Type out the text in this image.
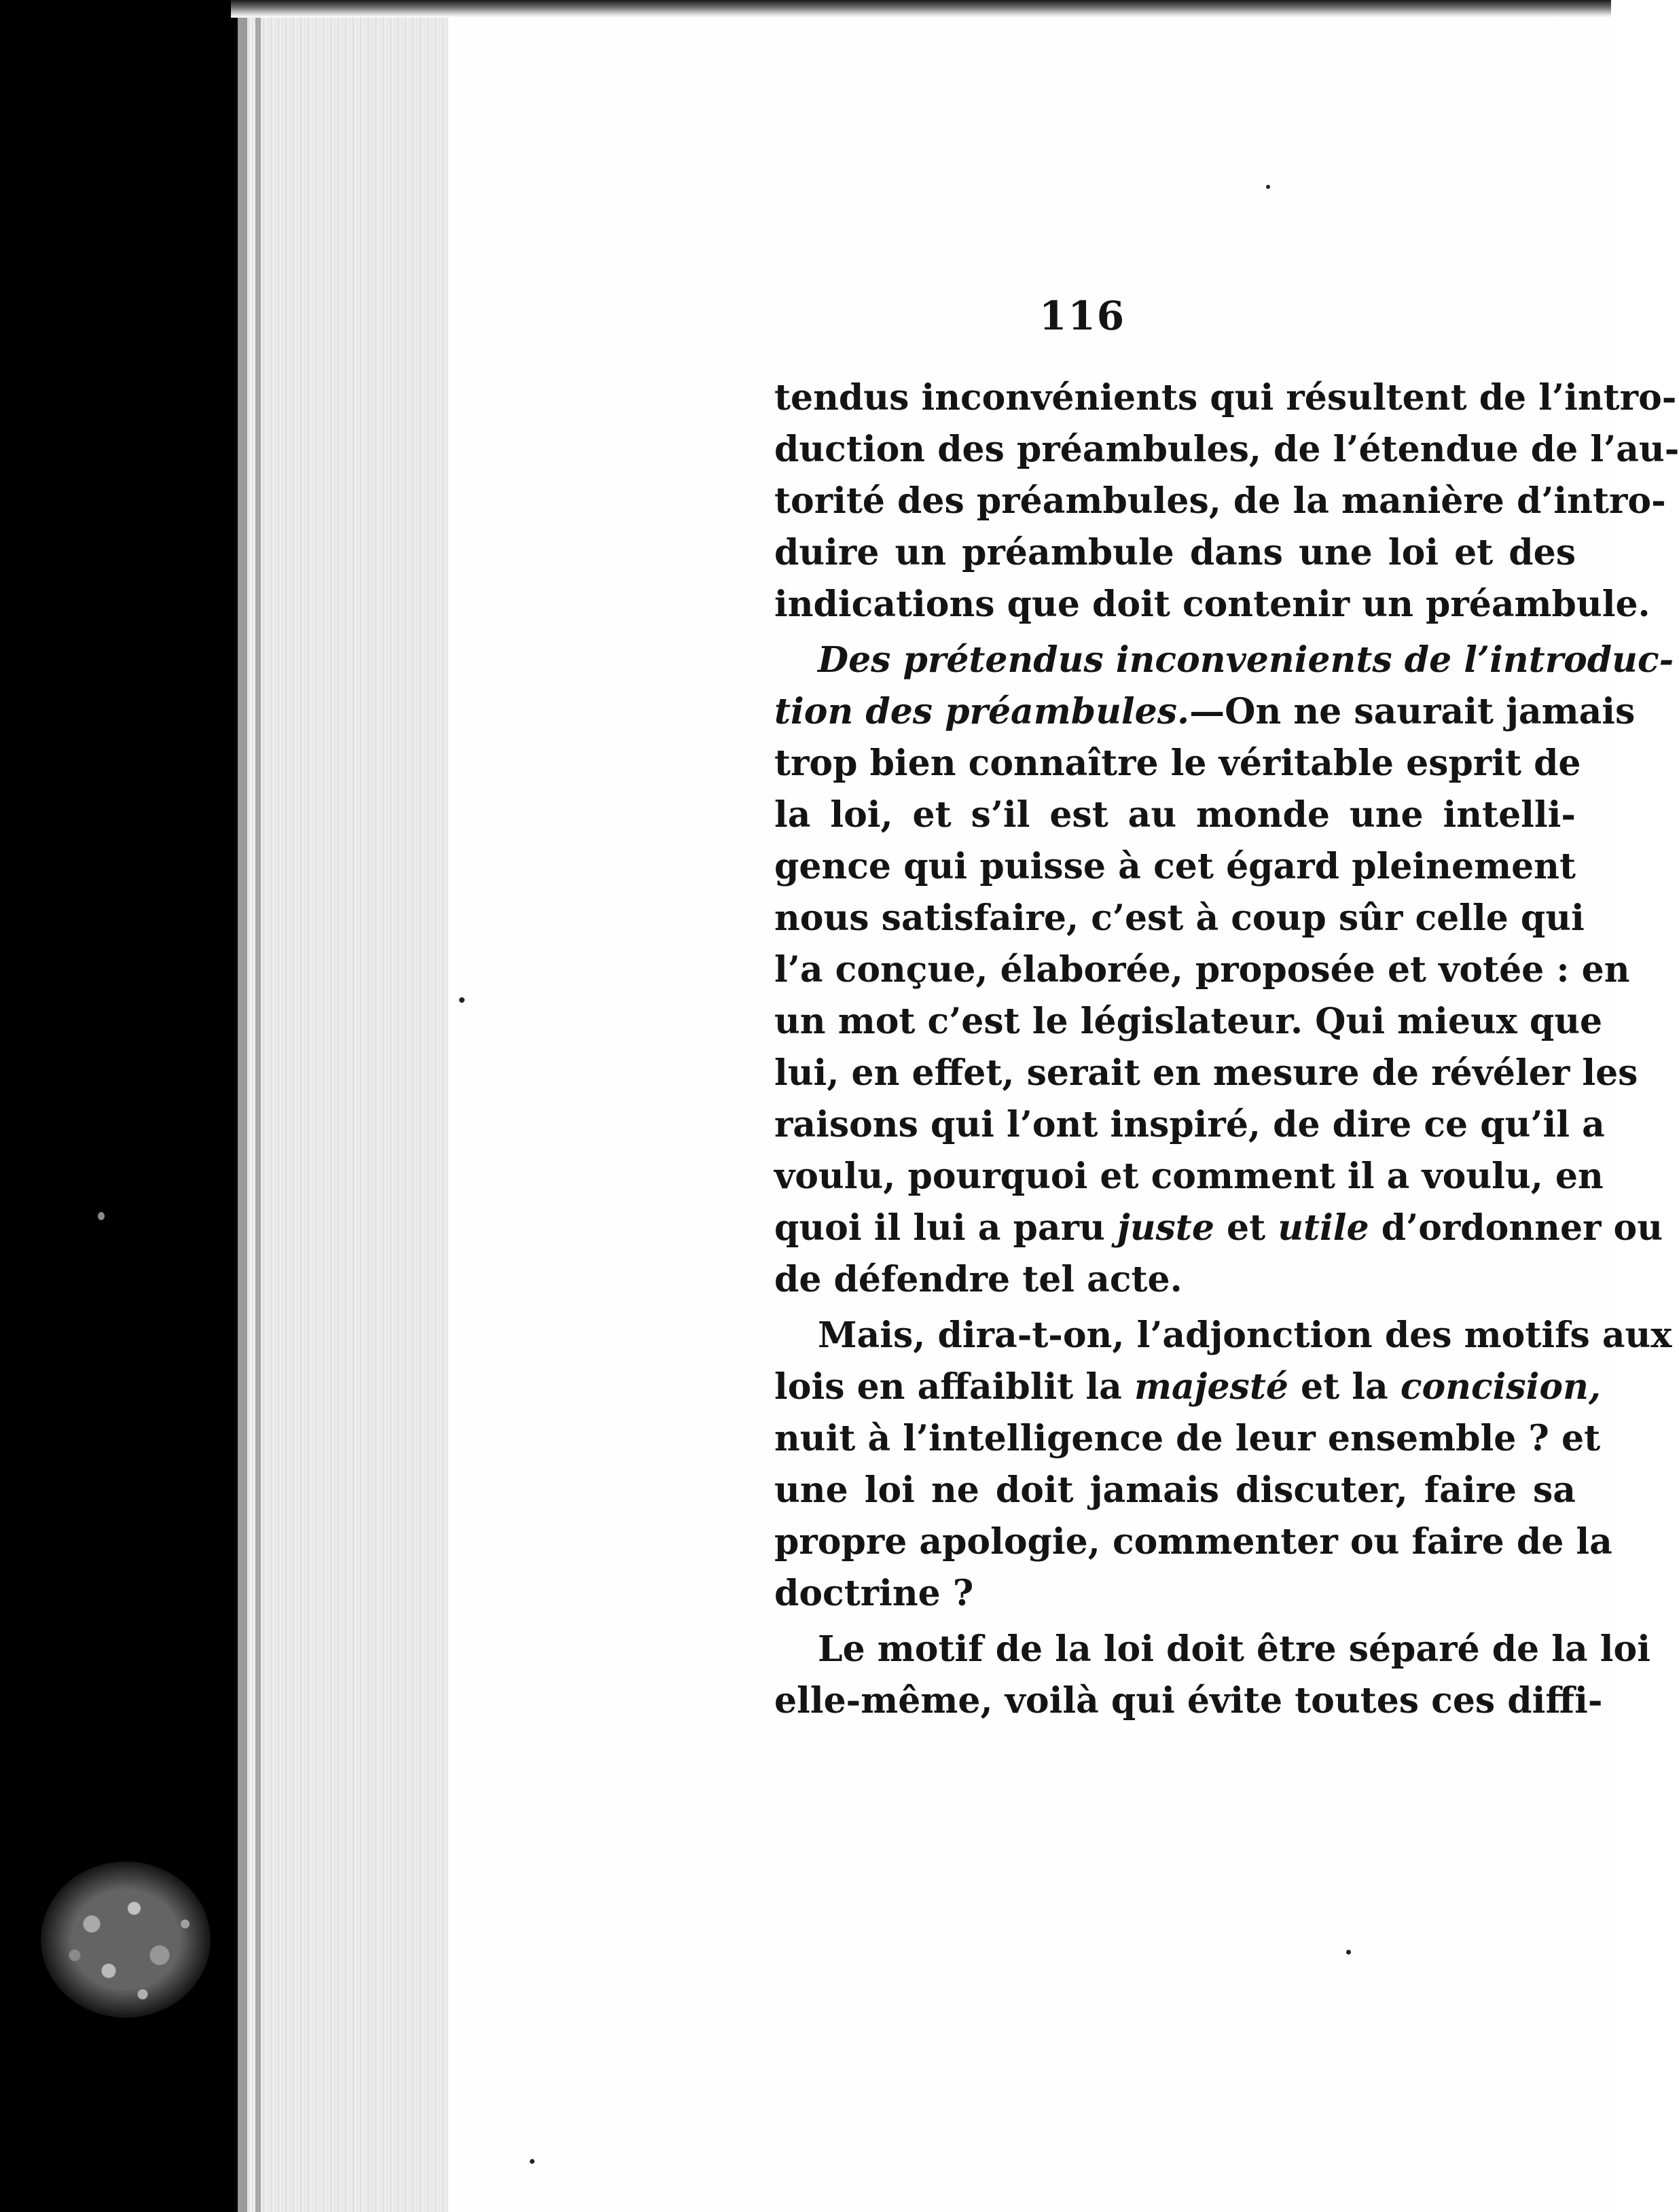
116
tendus inconvénients qui résultent de l’intro-
duction des préambules, de l’étendue de l’au-
torité des préambules, de la manière d’intro-
duire un préambule dans une loi et des
indications que doit contenir un préambule.
Des prétendus inconvenients de l’introduc-
tion des préambules.—On ne saurait jamais
trop bien connaître le véritable esprit de
la loi, et s’il est au monde une intelli-
gence qui puisse à cet égard pleinement
nous satisfaire, c’est à coup sûr celle qui
l’a conçue, élaborée, proposée et votée : en
un mot c’est le législateur. Qui mieux que
lui, en effet, serait en mesure de révéler les
raisons qui l’ont inspiré, de dire ce qu’il a
voulu, pourquoi et comment il a voulu, en
quoi il lui a paru juste et utile d’ordonner ou
de défendre tel acte.
Mais, dira-t-on, l’adjonction des motifs aux
lois en affaiblit la majesté et la concision,
nuit à l’intelligence de leur ensemble ? et
une loi ne doit jamais discuter, faire sa
propre apologie, commenter ou faire de la
doctrine ?
Le motif de la loi doit être séparé de la loi
elle-même, voilà qui évite toutes ces diffi-
